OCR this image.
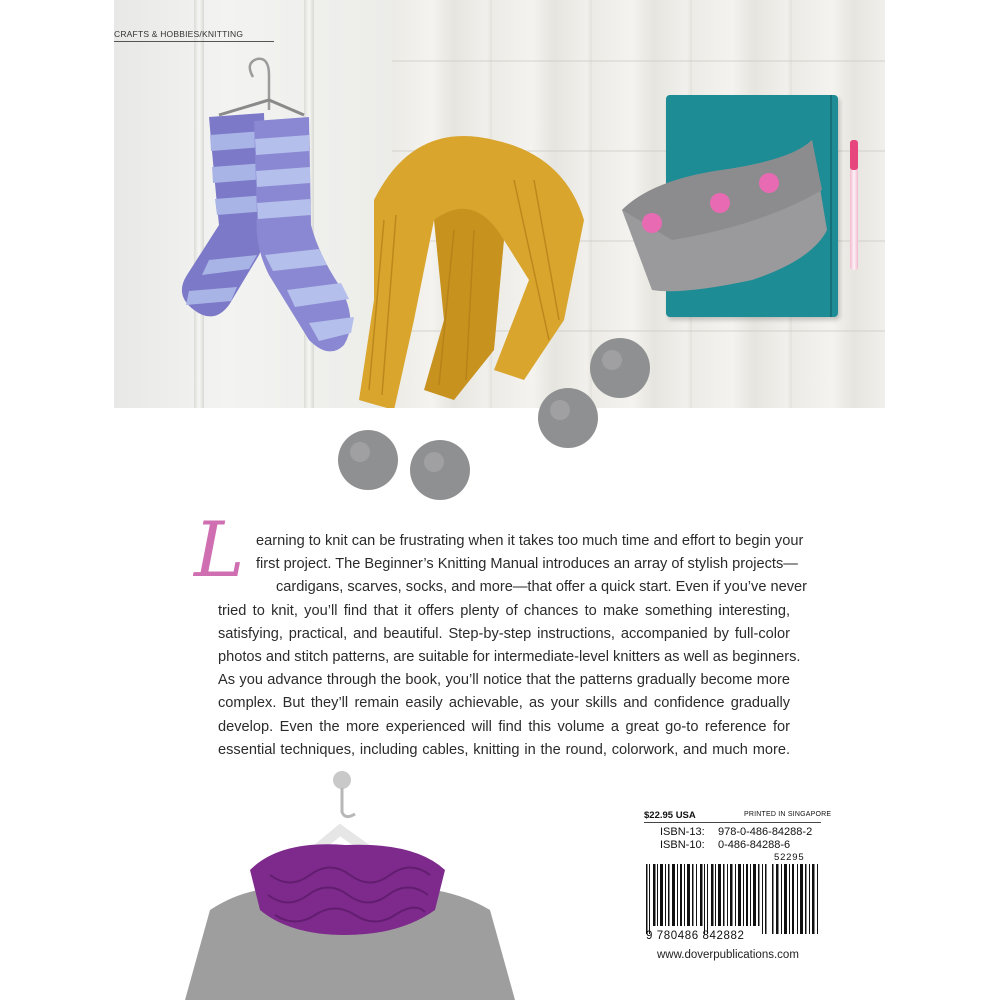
CRAFTS & HOBBIES/KNITTING
L earning to knit can be frustrating when it takes too much time and effort to begin your
first project. The Beginner’s Knitting Manual introduces an array of stylish projects—
cardigans, scarves, socks, and more—that offer a quick start. Even if you’ve never
tried to knit, you’ll find that it offers plenty of chances to make something interesting,
satisfying, practical, and beautiful. Step-by-step instructions, accompanied by full-color
photos and stitch patterns, are suitable for intermediate-level knitters as well as beginners.
As you advance through the book, you’ll notice that the patterns gradually become more
complex. But they’ll remain easily achievable, as your skills and confidence gradually
develop. Even the more experienced will find this volume a great go-to reference for
essential techniques, including cables, knitting in the round, colorwork, and much more.
$22.95 USA	PRINTED IN SINGAPORE
ISBN-13: 978-0-486-84288-2
ISBN-10: 0-486-84288-6
52295
9 780486 842882
www.doverpublications.com
